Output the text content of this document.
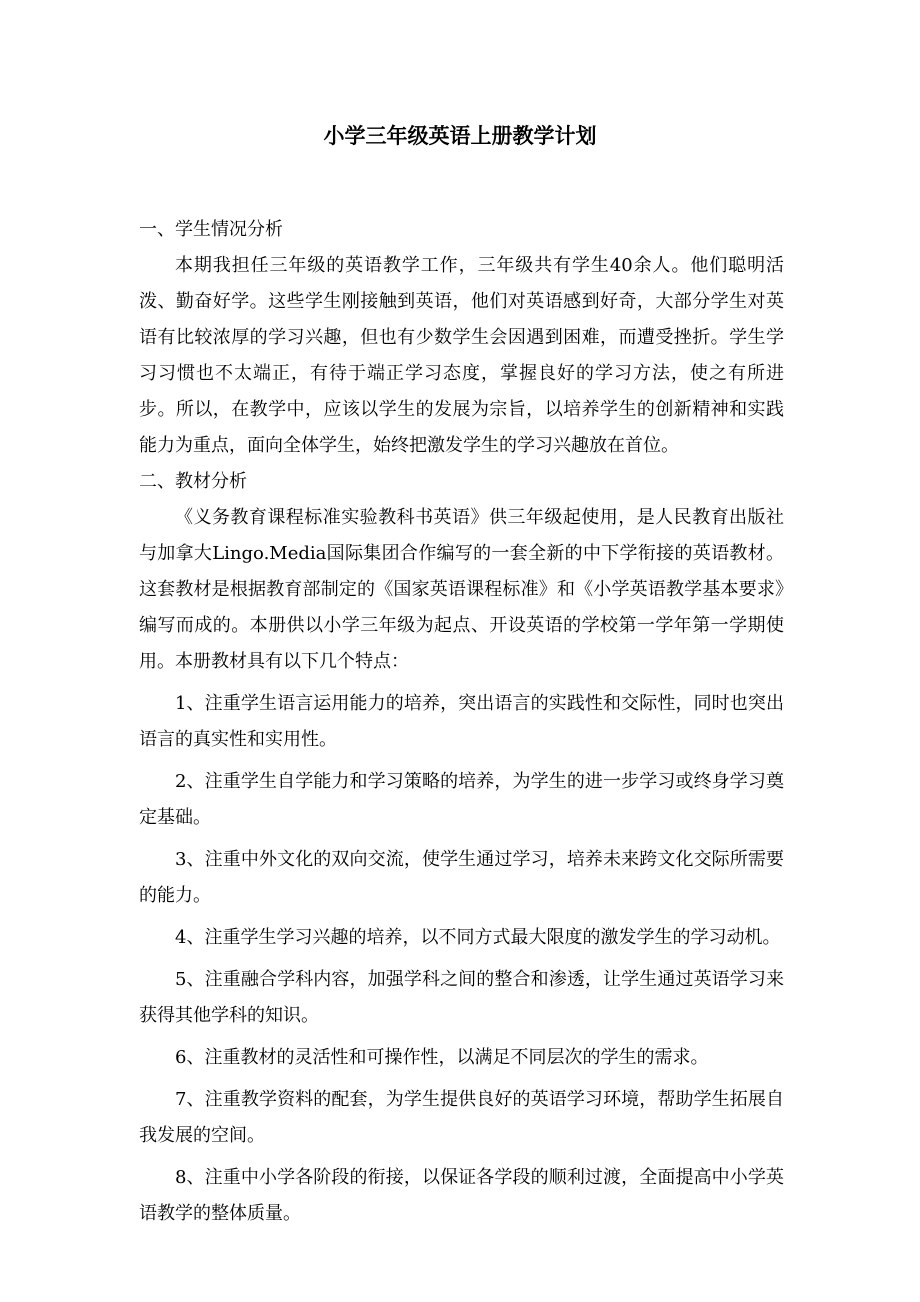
小学三年级英语上册教学计划

一、学生情况分析

本期我担任三年级的英语教学工作，三年级共有学生40余人。他们聪明活泼、勤奋好学。这些学生刚接触到英语，他们对英语感到好奇，大部分学生对英语有比较浓厚的学习兴趣，但也有少数学生会因遇到困难，而遭受挫折。学生学习习惯也不太端正，有待于端正学习态度，掌握良好的学习方法，使之有所进步。所以，在教学中，应该以学生的发展为宗旨，以培养学生的创新精神和实践能力为重点，面向全体学生，始终把激发学生的学习兴趣放在首位。

二、教材分析

《义务教育课程标准实验教科书英语》供三年级起使用，是人民教育出版社与加拿大Lingo.Media国际集团合作编写的一套全新的中下学衔接的英语教材。这套教材是根据教育部制定的《国家英语课程标准》和《小学英语教学基本要求》编写而成的。本册供以小学三年级为起点、开设英语的学校第一学年第一学期使用。本册教材具有以下几个特点：

1、注重学生语言运用能力的培养，突出语言的实践性和交际性，同时也突出语言的真实性和实用性。

2、注重学生自学能力和学习策略的培养，为学生的进一步学习或终身学习奠定基础。

3、注重中外文化的双向交流，使学生通过学习，培养未来跨文化交际所需要的能力。

4、注重学生学习兴趣的培养，以不同方式最大限度的激发学生的学习动机。

5、注重融合学科内容，加强学科之间的整合和渗透，让学生通过英语学习来获得其他学科的知识。

6、注重教材的灵活性和可操作性，以满足不同层次的学生的需求。

7、注重教学资料的配套，为学生提供良好的英语学习环境，帮助学生拓展自我发展的空间。

8、注重中小学各阶段的衔接，以保证各学段的顺利过渡，全面提高中小学英语教学的整体质量。
